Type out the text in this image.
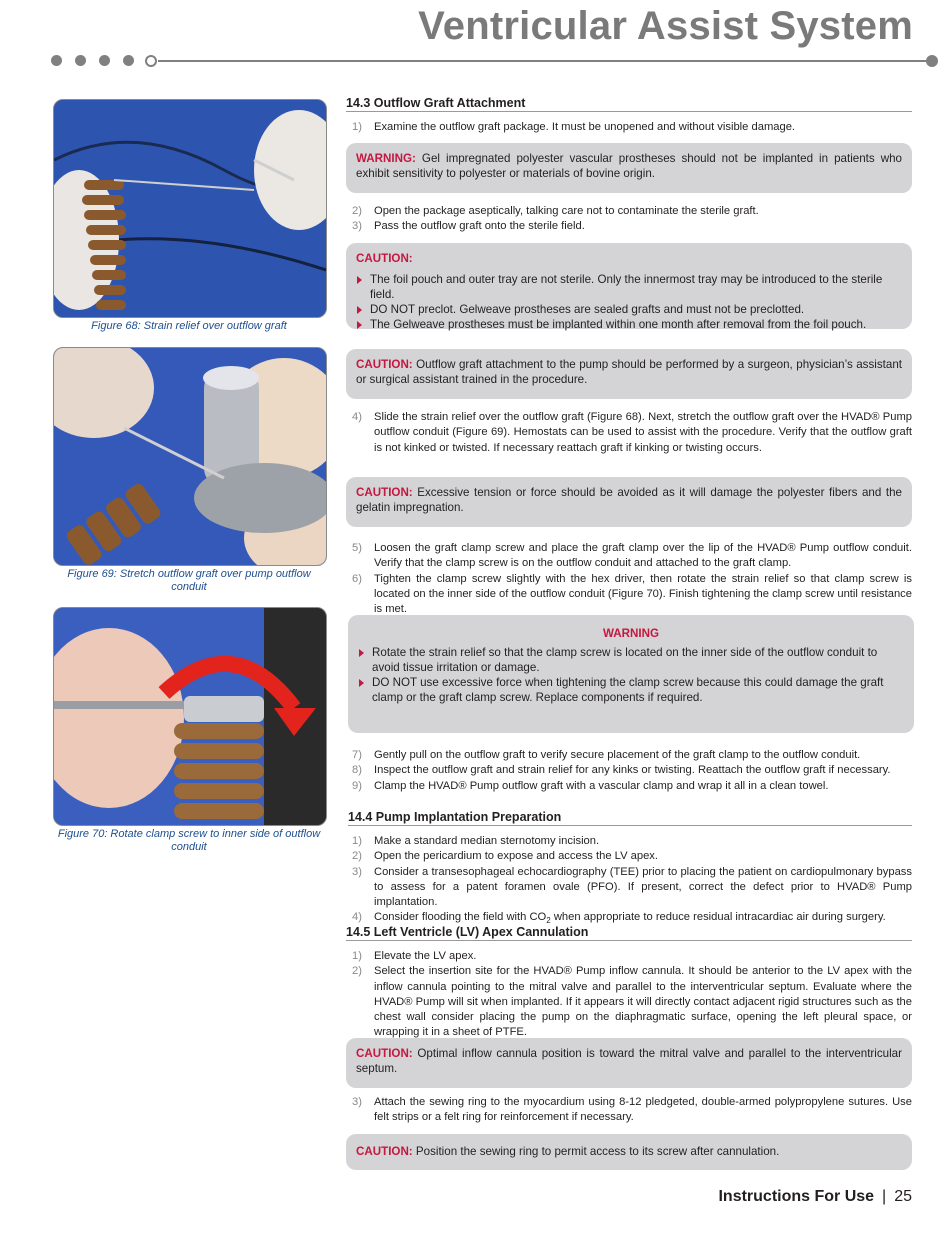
Ventricular Assist System
Figure 68: Strain relief over outflow graft
Figure 69: Stretch outflow graft over pump outflow conduit
Figure 70: Rotate clamp screw to inner side of outflow conduit
14.3 Outflow Graft Attachment
1) Examine the outflow graft package. It must be unopened and without visible damage.
WARNING: Gel impregnated polyester vascular prostheses should not be implanted in patients who exhibit sensitivity to polyester or materials of bovine origin.
2) Open the package aseptically, talking care not to contaminate the sterile graft.
3) Pass the outflow graft onto the sterile field.
CAUTION:
The foil pouch and outer tray are not sterile. Only the innermost tray may be introduced to the sterile field.
DO NOT preclot. Gelweave prostheses are sealed grafts and must not be preclotted.
The Gelweave prostheses must be implanted within one month after removal from the foil pouch.
CAUTION: Outflow graft attachment to the pump should be performed by a surgeon, physician’s assistant or surgical assistant trained in the procedure.
4) Slide the strain relief over the outflow graft (Figure 68). Next, stretch the outflow graft over the HVAD® Pump outflow conduit (Figure 69). Hemostats can be used to assist with the procedure. Verify that the outflow graft is not kinked or twisted. If necessary reattach graft if kinking or twisting occurs.
CAUTION: Excessive tension or force should be avoided as it will damage the polyester fibers and the gelatin impregnation.
5) Loosen the graft clamp screw and place the graft clamp over the lip of the HVAD® Pump outflow conduit. Verify that the clamp screw is on the outflow conduit and attached to the graft clamp.
6) Tighten the clamp screw slightly with the hex driver, then rotate the strain relief so that clamp screw is located on the inner side of the outflow conduit (Figure 70). Finish tightening the clamp screw until resistance is met.
WARNING
Rotate the strain relief so that the clamp screw is located on the inner side of the outflow conduit to avoid tissue irritation or damage.
DO NOT use excessive force when tightening the clamp screw because this could damage the graft clamp or the graft clamp screw. Replace components if required.
7) Gently pull on the outflow graft to verify secure placement of the graft clamp to the outflow conduit.
8) Inspect the outflow graft and strain relief for any kinks or twisting. Reattach the outflow graft if necessary.
9) Clamp the HVAD® Pump outflow graft with a vascular clamp and wrap it all in a clean towel.
14.4 Pump Implantation Preparation
1) Make a standard median sternotomy incision.
2) Open the pericardium to expose and access the LV apex.
3) Consider a transesophageal echocardiography (TEE) prior to placing the patient on cardiopulmonary bypass to assess for a patent foramen ovale (PFO). If present, correct the defect prior to HVAD® Pump implantation.
4) Consider flooding the field with $CO_2$ when appropriate to reduce residual intracardiac air during surgery.
14.5 Left Ventricle (LV) Apex Cannulation
1) Elevate the LV apex.
2) Select the insertion site for the HVAD® Pump inflow cannula. It should be anterior to the LV apex with the inflow cannula pointing to the mitral valve and parallel to the interventricular septum. Evaluate where the HVAD® Pump will sit when implanted. If it appears it will directly contact adjacent rigid structures such as the chest wall consider placing the pump on the diaphragmatic surface, opening the left pleural space, or wrapping it in a sheet of PTFE.
CAUTION: Optimal inflow cannula position is toward the mitral valve and parallel to the interventricular septum.
3) Attach the sewing ring to the myocardium using 8-12 pledgeted, double-armed polypropylene sutures. Use felt strips or a felt ring for reinforcement if necessary.
CAUTION: Position the sewing ring to permit access to its screw after cannulation.
Instructions For Use | 25
